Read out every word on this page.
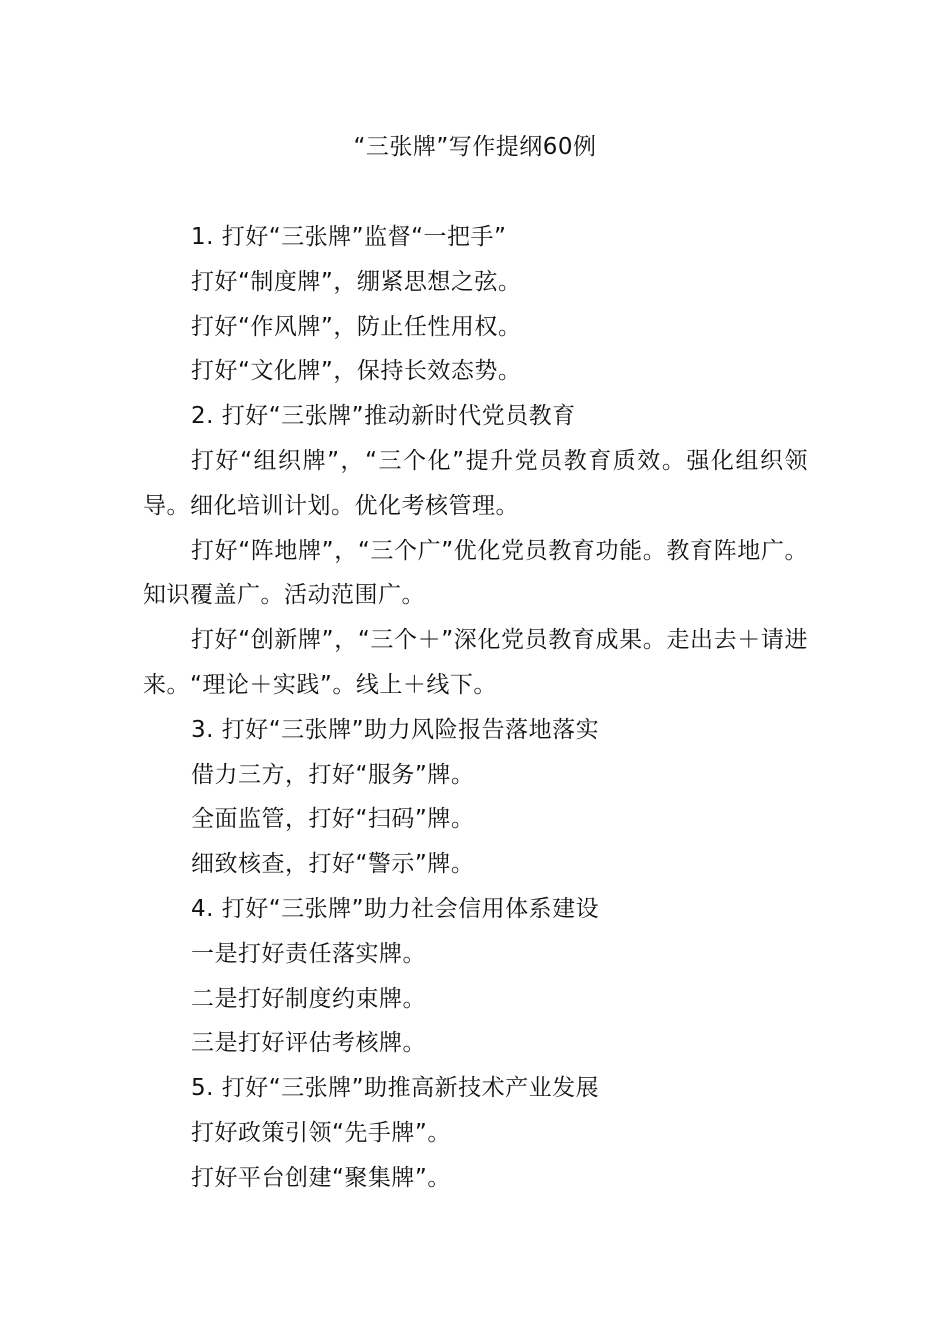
“三张牌”写作提纲60例

1. 打好“三张牌”监督“一把手”

打好“制度牌”，绷紧思想之弦。

打好“作风牌”，防止任性用权。

打好“文化牌”，保持长效态势。

2. 打好“三张牌”推动新时代党员教育

打好“组织牌”，“三个化”提升党员教育质效。强化组织领导。细化培训计划。优化考核管理。

打好“阵地牌”，“三个广”优化党员教育功能。教育阵地广。知识覆盖广。活动范围广。

打好“创新牌”，“三个＋”深化党员教育成果。走出去＋请进来。“理论＋实践”。线上＋线下。

3. 打好“三张牌”助力风险报告落地落实

借力三方，打好“服务”牌。

全面监管，打好“扫码”牌。

细致核查，打好“警示”牌。

4. 打好“三张牌”助力社会信用体系建设

一是打好责任落实牌。

二是打好制度约束牌。

三是打好评估考核牌。

5. 打好“三张牌”助推高新技术产业发展

打好政策引领“先手牌”。

打好平台创建“聚集牌”。
